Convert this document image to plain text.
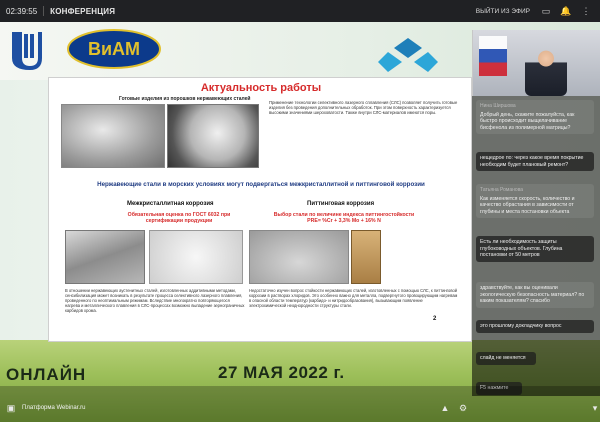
ВиАМ
ОНЛАЙН	27 МАЯ 2022 г.
02:39:55 КОНФЕРЕНЦИЯ	ВЫЙТИ ИЗ ЭФИР ▭ 🔔 ⋮
Актуальность работы
Готовые изделия из порошков нержавеющих сталей
Применение технологии селективного лазерного сплавления (СЛС) позволяет получить готовые изделия без проведения дополнительных обработок. При этом поверхность характеризуется высокими значениями шероховатости. Также внутри СЛС-материалов имеются поры.
Нержавеющие стали в морских условиях могут подвергаться межкристаллитной и питтинговой коррозии
Межкристаллитная коррозия	Питтинговая коррозия
Обязательная оценка по ГОСТ 6032 при сертификации продукции
Выбор стали по величине индекса питтингостойкости PRE= %Cr + 3,3% Mo + 16% N
В отношении нержавеющих аустенитных сталей, изготовленных аддитивными методами, сенсибилизация может возникать в результате процесса селективного лазерного плавления, проведенного по неоптимальным режимам. Вследствие многократно повторяющегося нагрева и металлического плавления в СЛС-процессах возможно выпадение зернограничных карбидов хрома.
Недостаточно изучен вопрос стойкости нержавеющих сталей, изготовленных с помощью СЛС, к питтинговой коррозии в растворах хлоридов. Это особенно важно для металла, подвергнутого провоцирующим нагревам в опасной области температур (карбидо- и нитридообразования), вызывающим появление электрохимической неоднородности структуры стали.
2
Нина Ширшова
Добрый день, скажите пожалуйста, как быстро происходит выщелачивание бисфенола из полимерной матрицы?
нещедрое по: через какое время покрытие необходим будет плановый ремонт?
Татьяна Романова
Как изменяется скорость, количество и качество обрастания в зависимости от глубины и места постановки объекта
Есть ли необходимость защиты глубоководных объектов. Глубина постановки от 50 метров
здравствуйте, как вы оценивали экологическую безопасность материал? по каким показателям? спасибо
это прошлому докладчику вопрос
слайд не меняется
F5 нажмите
▣ Платформа Webinar.ru	▲ ⚙	▾
